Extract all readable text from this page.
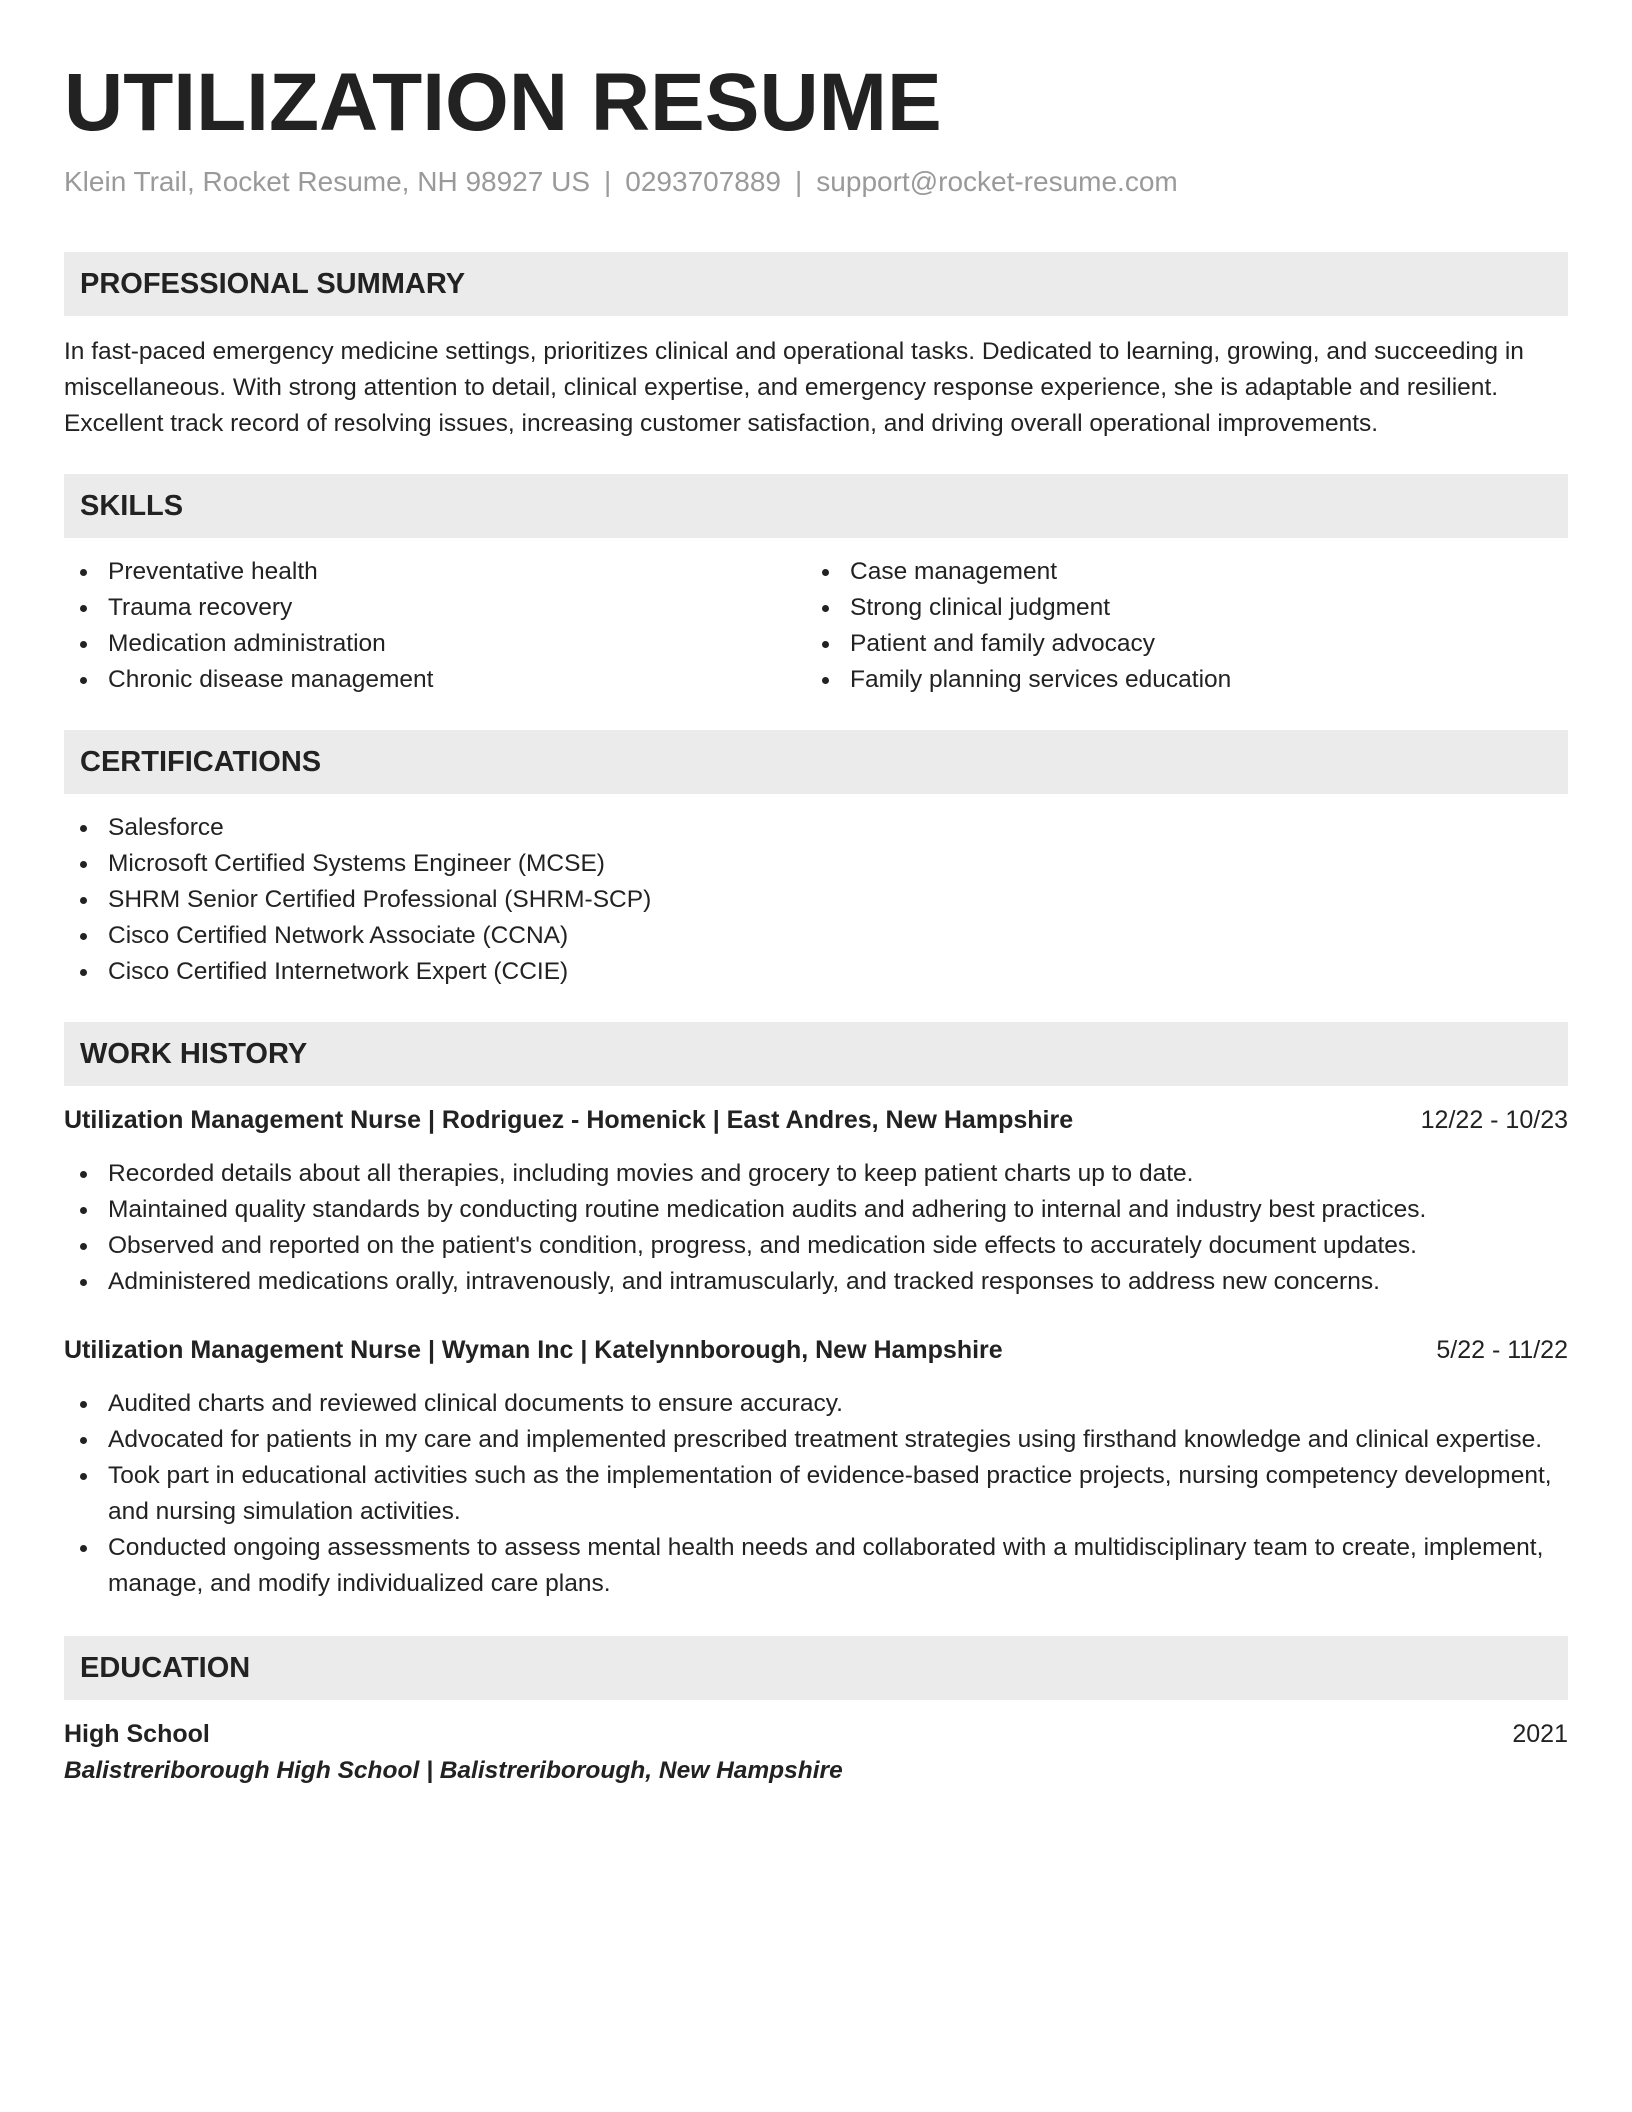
UTILIZATION RESUME
Klein Trail, Rocket Resume, NH 98927 US | 0293707889 | support@rocket-resume.com
PROFESSIONAL SUMMARY

In fast-paced emergency medicine settings, prioritizes clinical and operational tasks. Dedicated to learning, growing, and succeeding in miscellaneous. With strong attention to detail, clinical expertise, and emergency response experience, she is adaptable and resilient. Excellent track record of resolving issues, increasing customer satisfaction, and driving overall operational improvements.

SKILLS
Preventative health
Trauma recovery
Medication administration
Chronic disease management
Case management
Strong clinical judgment
Patient and family advocacy
Family planning services education
CERTIFICATIONS
Salesforce
Microsoft Certified Systems Engineer (MCSE)
SHRM Senior Certified Professional (SHRM-SCP)
Cisco Certified Network Associate (CCNA)
Cisco Certified Internetwork Expert (CCIE)
WORK HISTORY
Utilization Management Nurse | Rodriguez - Homenick | East Andres, New Hampshire	12/22 - 10/23
Recorded details about all therapies, including movies and grocery to keep patient charts up to date.
Maintained quality standards by conducting routine medication audits and adhering to internal and industry best practices.
Observed and reported on the patient's condition, progress, and medication side effects to accurately document updates.
Administered medications orally, intravenously, and intramuscularly, and tracked responses to address new concerns.
Utilization Management Nurse | Wyman Inc | Katelynnborough, New Hampshire	5/22 - 11/22
Audited charts and reviewed clinical documents to ensure accuracy.
Advocated for patients in my care and implemented prescribed treatment strategies using firsthand knowledge and clinical expertise.
Took part in educational activities such as the implementation of evidence-based practice projects, nursing competency development, and nursing simulation activities.
Conducted ongoing assessments to assess mental health needs and collaborated with a multidisciplinary team to create, implement, manage, and modify individualized care plans.
EDUCATION
High School	2021
Balistreriborough High School | Balistreriborough, New Hampshire
